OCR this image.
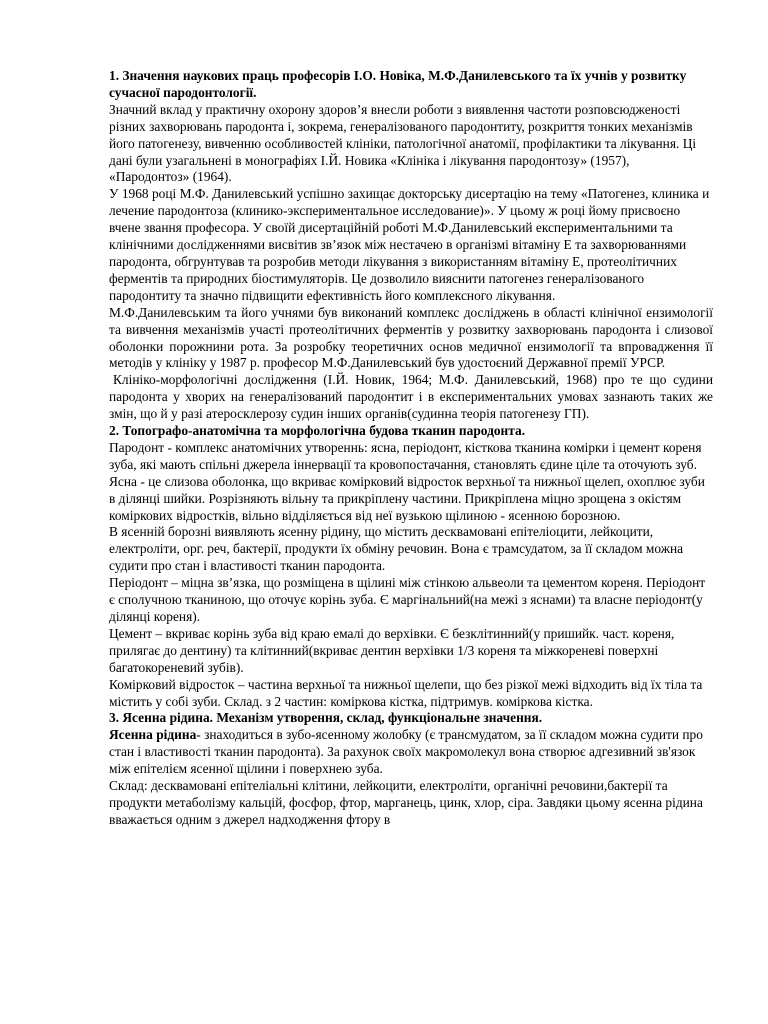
1. Значення наукових праць професорів І.О. Новіка, М.Ф.Данилевського та їх учнів у розвитку сучасної пародонтології.

Значний вклад у практичну охорону здоров’я внесли роботи з виявлення частоти розповсюдженості різних захворювань пародонта і, зокрема, генералізованого пародонтиту, розкриття тонких механізмів його патогенезу, вивченню особливостей клініки, патологічної анатомії, профілактики та лікування. Ці дані були узагальнені в монографіях І.Й. Новика «Клініка і лікування пародонтозу» (1957), «Пародонтоз» (1964).

У 1968 році М.Ф. Данилевський успішно захищає докторську дисертацію на тему «Патогенез, клиника и лечение пародонтоза (клинико-экспериментальное исследование)». У цьому ж році йому присвоєно вчене звання професора. У своїй дисертаційній роботі М.Ф.Данилевський експериментальними та клінічними дослідженнями висвітив зв’язок між нестачею в організмі вітаміну Е та захворюваннями пародонта, обгрунтував та розробив методи лікування з використанням вітаміну Е, протеолітичних ферментів та природних біостимуляторів. Це дозволило вияснити патогенез генералізованого пародонтиту та значно підвищити ефективність його комплексного лікування.

М.Ф.Данилевським та його учнями був виконаний комплекс досліджень в області клінічної ензимології та вивчення механізмів участі протеолітичних ферментів у розвитку захворювань пародонта і слизової оболонки порожнини рота. За розробку теоретичних основ медичної ензимології та впровадження її методів у клініку у 1987 р. професор М.Ф.Данилевський був удостоєний Державної премії УРСР.

Клініко-морфологічні дослідження (І.Й. Новик, 1964; М.Ф. Данилевський, 1968) про те що судини пародонта у хворих на генералізований пародонтит і в експериментальних умовах зазнають таких же змін, що й у разі атеросклерозу судин інших органів(судинна теорія патогенезу ГП).

2. Топографо-анатомічна та морфологічна будова тканин пародонта.

Пародонт - комплекс анатомічних утвореннь: ясна, періодонт, кісткова тканина комірки і цемент кореня зуба, які мають спільні джерела іннервації та кровопостачання, становлять єдине ціле та оточують зуб.

Ясна - це слизова оболонка, що вкриває комірковий відросток верхньої та нижньої щелеп, охоплює зуби в ділянці шийки. Розрізняють вільну та прикріплену частини. Прикріплена міцно зрощена з окістям коміркових відростків, вільно відділяється від неї вузькою щілиною - ясенною борозною.

В ясенній борозні виявляють ясенну рідину, що містить десквамовані епітеліоцити, лейкоцити, електроліти, орг. реч, бактерії, продукти їх обміну речовин. Вона є трамсудатом, за її складом можна судити про стан і властивості тканин пародонта.

Періодонт – міцна зв’язка, що розміщена в щілині між стінкою альвеоли та цементом кореня. Періодонт є сполучною тканиною, що оточує корінь зуба. Є маргінальний(на межі з яснами) та власне періодонт(у ділянці кореня).

Цемент – вкриває корінь зуба від краю емалі до верхівки. Є безклітинний(у пришийк. част. кореня, прилягає до дентину) та клітинний(вкриває дентин верхівки 1/3 кореня та міжкореневі поверхні багатокореневий зубів).

Комірковий відросток – частина верхньої та нижньої щелепи, що без різкої межі відходить від їх тіла та містить у собі зуби. Склад. з 2 частин: коміркова кістка, підтримув. коміркова кістка.

3. Ясенна рідина. Механізм утворення, склад, функціональне значення.

Ясенна рідина- знаходиться в зубо-ясенному жолобку (є трансмудатом, за її складом можна судити про стан і властивості тканин пародонта). За рахунок своїх макромолекул вона створює адгезивний зв'язок між епітелієм ясенної щілини і поверхнею зуба.

Склад: десквамовані епітеліальні клітини, лейкоцити, електроліти, органічні речовини,бактерії та продукти метаболізму кальцій, фосфор, фтор, марганець, цинк, хлор, сіра. Завдяки цьому ясенна рідина вважається одним з джерел надходження фтору в
